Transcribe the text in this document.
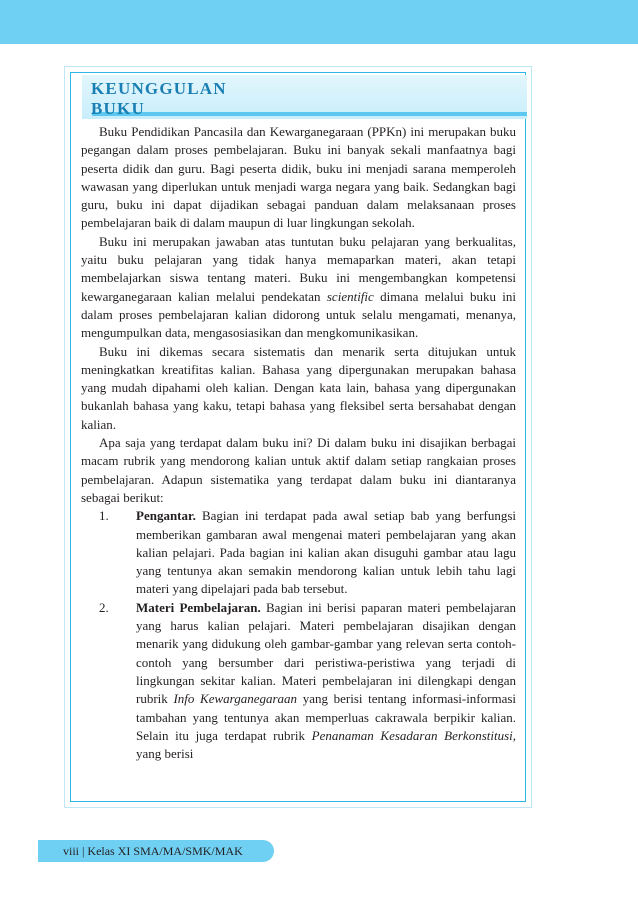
KEUNGGULAN
BUKU

Buku Pendidikan Pancasila dan Kewarganegaraan (PPKn) ini merupakan buku pegangan dalam proses pembelajaran. Buku ini banyak sekali manfaatnya bagi peserta didik dan guru. Bagi peserta didik, buku ini menjadi sarana memperoleh wawasan yang diperlukan untuk menjadi warga negara yang baik. Sedangkan bagi guru, buku ini dapat dijadikan sebagai panduan dalam melaksanaan proses pembelajaran baik di dalam maupun di luar lingkungan sekolah.

Buku ini merupakan jawaban atas tuntutan buku pelajaran yang berkualitas, yaitu buku pelajaran yang tidak hanya memaparkan materi, akan tetapi membelajarkan siswa tentang materi. Buku ini mengembangkan kompetensi kewarganegaraan kalian melalui pendekatan scientific dimana melalui buku ini dalam proses pembelajaran kalian didorong untuk selalu mengamati, menanya, mengumpulkan data, mengasosiasikan dan mengkomunikasikan.

Buku ini dikemas secara sistematis dan menarik serta ditujukan untuk meningkatkan kreatifitas kalian. Bahasa yang dipergunakan merupakan bahasa yang mudah dipahami oleh kalian. Dengan kata lain, bahasa yang dipergunakan bukanlah bahasa yang kaku, tetapi bahasa yang fleksibel serta bersahabat dengan kalian.

Apa saja yang terdapat dalam buku ini? Di dalam buku ini disajikan berbagai macam rubrik yang mendorong kalian untuk aktif dalam setiap rangkaian proses pembelajaran. Adapun sistematika yang terdapat dalam buku ini diantaranya sebagai berikut:

1. Pengantar. Bagian ini terdapat pada awal setiap bab yang berfungsi memberikan gambaran awal mengenai materi pembelajaran yang akan kalian pelajari. Pada bagian ini kalian akan disuguhi gambar atau lagu yang tentunya akan semakin mendorong kalian untuk lebih tahu lagi materi yang dipelajari pada bab tersebut.
2. Materi Pembelajaran. Bagian ini berisi paparan materi pembelajaran yang harus kalian pelajari. Materi pembelajaran disajikan dengan menarik yang didukung oleh gambar-gambar yang relevan serta contoh-contoh yang bersumber dari peristiwa-peristiwa yang terjadi di lingkungan sekitar kalian. Materi pembelajaran ini dilengkapi dengan rubrik Info Kewarganegaraan yang berisi tentang informasi-informasi tambahan yang tentunya akan memperluas cakrawala berpikir kalian. Selain itu juga terdapat rubrik Penanaman Kesadaran Berkonstitusi, yang berisi
viii | Kelas XI SMA/MA/SMK/MAK
